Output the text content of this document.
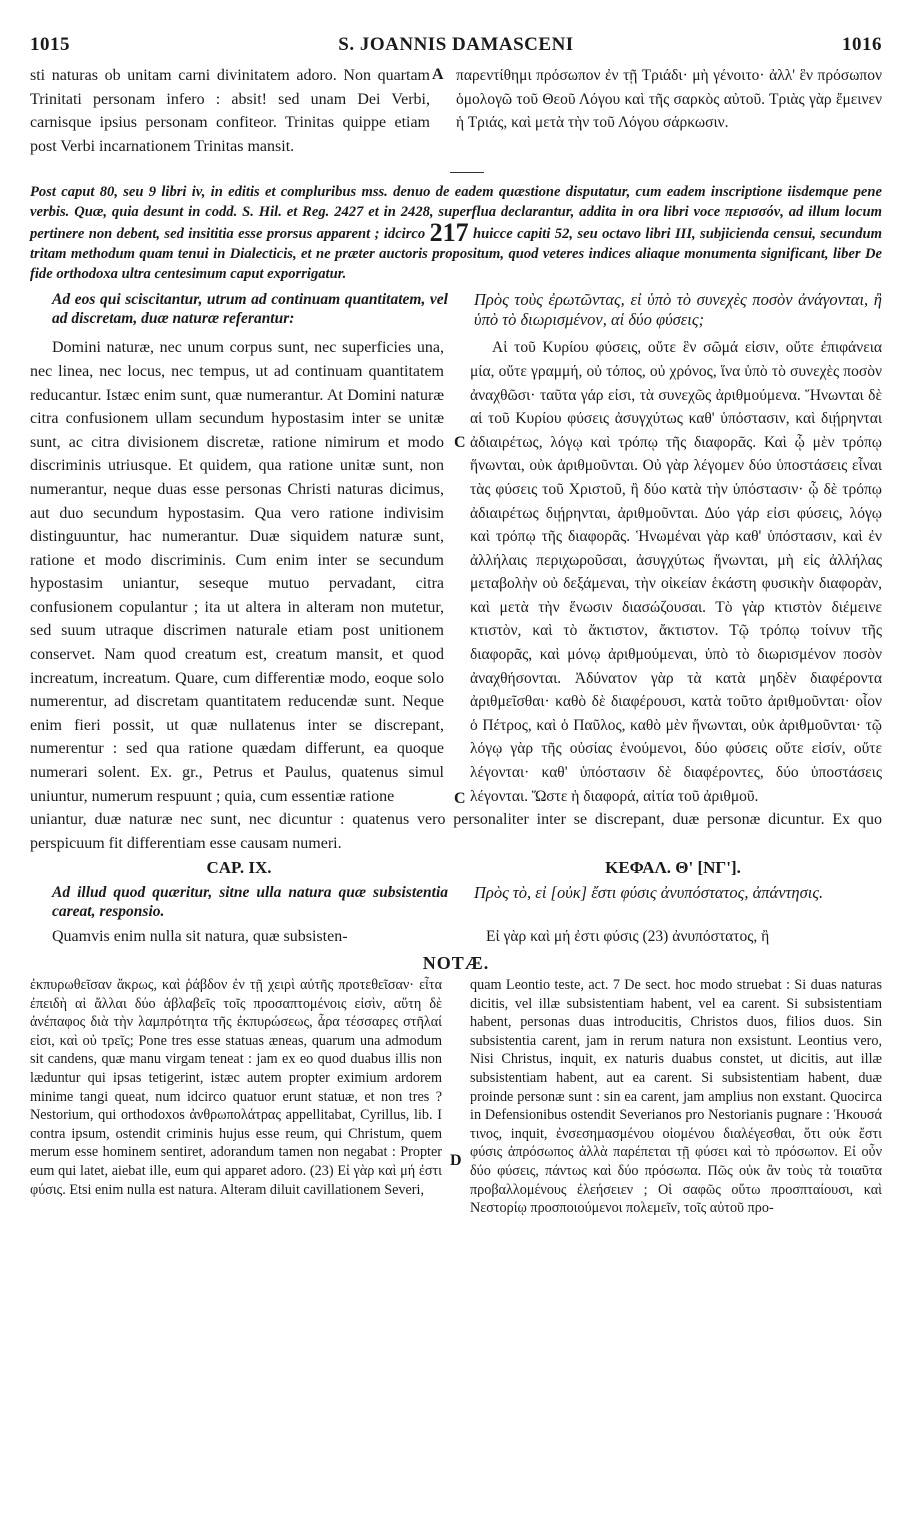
1015	S. JOANNIS DAMASCENI	1016
sti naturas ob unitam carni divinitatem adoro. Non quartam Trinitati personam infero : absit! sed unam Dei Verbi, carnisque ipsius personam confiteor. Trinitas quippe etiam post Verbi incarnationem Trinitas mansit.
παρεντίθημι πρόσωπον ἐν τῇ Τριάδι· μὴ γένοιτο· ἀλλ' ἓν πρόσωπον ὁμολογῶ τοῦ Θεοῦ Λόγου καὶ τῆς σαρκὸς αὐτοῦ. Τριὰς γὰρ ἔμεινεν ἡ Τριάς, καὶ μετὰ τὴν τοῦ Λόγου σάρκωσιν.
A
Post caput 80, seu 9 libri iv, in editis et compluribus mss. denuo de eadem quæstione disputatur, cum eadem inscriptione iisdemque pene verbis. Quæ, quia desunt in codd. S. Hil. et Reg. 2427 et in 2428, superflua declarantur, addita in ora libri voce περισσόν, ad illum locum pertinere non debent, sed insititia esse prorsus apparent ; idcirco 217 huicce capiti 52, seu octavo libri III, subjicienda censui, secundum tritam methodum quam tenui in Dialecticis, et ne præter auctoris propositum, quod veteres indices aliaque monumenta significant, liber De fide orthodoxa ultra centesimum caput exporrigatur.
Ad eos qui sciscitantur, utrum ad continuam quantitatem, vel ad discretam, duæ naturæ referantur:
Πρὸς τοὺς ἐρωτῶντας, εἰ ὑπὸ τὸ συνεχὲς ποσὸν ἀνάγονται, ἢ ὑπὸ τὸ διωρισμένον, αἱ δύο φύσεις;
Domini naturæ, nec unum corpus sunt, nec superficies una, nec linea, nec locus, nec tempus, ut ad continuam quantitatem reducantur. Istæc enim sunt, quæ numerantur. At Domini naturæ citra confusionem ullam secundum hypostasim inter se unitæ sunt, ac citra divisionem discretæ, ratione nimirum et modo discriminis utriusque. Et quidem, qua ratione unitæ sunt, non numerantur, neque duas esse personas Christi naturas dicimus, aut duo secundum hypostasim. Qua vero ratione indivisim distinguuntur, hac numerantur. Duæ siquidem naturæ sunt, ratione et modo discriminis. Cum enim inter se secundum hypostasim uniantur, seseque mutuo pervadant, citra confusionem copulantur ; ita ut altera in alteram non mutetur, sed suum utraque discrimen naturale etiam post unitionem conservet. Nam quod creatum est, creatum mansit, et quod increatum, increatum. Quare, cum differentiæ modo, eoque solo numerentur, ad discretam quantitatem reducendæ sunt. Neque enim fieri possit, ut quæ nullatenus inter se discrepant, numerentur : sed qua ratione quædam differunt, ea quoque numerari solent. Ex. gr., Petrus et Paulus, quatenus simul uniuntur, numerum respuunt ; quia, cum essentiæ ratione
Αἱ τοῦ Κυρίου φύσεις, οὔτε ἓν σῶμά εἰσιν, οὔτε ἐπιφάνεια μία, οὔτε γραμμή, οὐ τόπος, οὐ χρόνος, ἵνα ὑπὸ τὸ συνεχὲς ποσὸν ἀναχθῶσι· ταῦτα γάρ εἰσι, τὰ συνεχῶς ἀριθμούμενα. Ἥνωνται δὲ αἱ τοῦ Κυρίου φύσεις ἀσυγχύτως καθ' ὑπόστασιν, καὶ διῄρηνται ἀδιαιρέτως, λόγῳ καὶ τρόπῳ τῆς διαφορᾶς. Καὶ ᾧ μὲν τρόπῳ ἥνωνται, οὐκ ἀριθμοῦνται. Οὐ γὰρ λέγομεν δύο ὑποστάσεις εἶναι τὰς φύσεις τοῦ Χριστοῦ, ἢ δύο κατὰ τὴν ὑπόστασιν· ᾧ δὲ τρόπῳ ἀδιαιρέτως διῄρηνται, ἀριθμοῦνται. Δύο γάρ εἰσι φύσεις, λόγῳ καὶ τρόπῳ τῆς διαφορᾶς. Ἡνωμέναι γὰρ καθ' ὑπόστασιν, καὶ ἐν ἀλλήλαις περιχωροῦσαι, ἀσυγχύτως ἥνωνται, μὴ εἰς ἀλλήλας μεταβολὴν οὐ δεξάμεναι, τὴν οἰκείαν ἑκάστη φυσικὴν διαφορὰν, καὶ μετὰ τὴν ἕνωσιν διασώζουσαι. Τὸ γὰρ κτιστὸν διέμεινε κτιστὸν, καὶ τὸ ἄκτιστον, ἄκτιστον. Τῷ τρόπῳ τοίνυν τῆς διαφορᾶς, καὶ μόνῳ ἀριθμούμεναι, ὑπὸ τὸ διωρισμένον ποσὸν ἀναχθήσονται. Ἀδύνατον γὰρ τὰ κατὰ μηδὲν διαφέροντα ἀριθμεῖσθαι· καθὸ δὲ διαφέρουσι, κατὰ τοῦτο ἀριθμοῦνται· οἷον ὁ Πέτρος, καὶ ὁ Παῦλος, καθὸ μὲν ἥνωνται, οὐκ ἀριθμοῦνται· τῷ λόγῳ γὰρ τῆς οὐσίας ἑνούμενοι, δύο φύσεις οὔτε εἰσίν, οὔτε λέγονται· καθ' ὑπόστασιν δὲ διαφέροντες, δύο ὑποστάσεις λέγονται. Ὥστε ἡ διαφορά, αἰτία τοῦ ἀριθμοῦ.
C
C
uniantur, duæ naturæ nec sunt, nec dicuntur : quatenus vero personaliter inter se discrepant, duæ personæ dicuntur. Ex quo perspicuum fit differentiam esse causam numeri.
CAP. IX.	ΚΕΦΑΛ. Θ' [ΝΓ'].
Ad illud quod quæritur, sitne ulla natura quæ subsistentia careat, responsio.
Πρὸς τὸ, εἰ [οὐκ] ἔστι φύσις ἀνυπόστατος, ἀπάντησις.
Quamvis enim nulla sit natura, quæ subsisten-	Εἰ γὰρ καὶ μή ἐστι φύσις (23) ἀνυπόστατος, ἢ
NOTÆ.
ἐκπυρωθεῖσαν ἄκρως, καὶ ῥάβδον ἐν τῇ χειρὶ αὐτῆς προτεθεῖσαν· εἶτα ἐπειδὴ αἱ ἄλλαι δύο ἀβλαβεῖς τοῖς προσαπτομένοις εἰσὶν, αὕτη δὲ ἀνέπαφος διὰ τὴν λαμπρότητα τῆς ἐκπυρώσεως, ἆρα τέσσαρες στῆλαί εἰσι, καὶ οὐ τρεῖς; Pone tres esse statuas æneas, quarum una admodum sit candens, quæ manu virgam teneat : jam ex eo quod duabus illis non læduntur qui ipsas tetigerint, istæc autem propter eximium ardorem minime tangi queat, num idcirco quatuor erunt statuæ, et non tres ? Nestorium, qui orthodoxos ἀνθρωπολάτρας appellitabat, Cyrillus, lib. I contra ipsum, ostendit criminis hujus esse reum, qui Christum, quem merum esse hominem sentiret, adorandum tamen non negabat : Propter eum qui latet, aiebat ille, eum qui apparet adoro. (23) Εἰ γὰρ καὶ μή ἐστι φύσις. Etsi enim nulla est natura. Alteram diluit cavillationem Severi,
quam Leontio teste, act. 7 De sect. hoc modo struebat : Si duas naturas dicitis, vel illæ subsistentiam habent, vel ea carent. Si subsistentiam habent, personas duas introducitis, Christos duos, filios duos. Sin subsistentia carent, jam in rerum natura non exsistunt. Leontius vero, Nisi Christus, inquit, ex naturis duabus constet, ut dicitis, aut illæ subsistentiam habent, aut ea carent. Si subsistentiam habent, duæ proinde personæ sunt : sin ea carent, jam amplius non exstant. Quocirca in Defensionibus ostendit Severianos pro Nestorianis pugnare : Ἠκουσά τινος, inquit, ἐνσεσημασμένου οἰομένου διαλέγεσθαι, ὅτι οὐκ ἔστι φύσις ἀπρόσωπος ἀλλὰ παρέπεται τῇ φύσει καὶ τὸ πρόσωπον. Εἰ οὖν δύο φύσεις, πάντως καὶ δύο πρόσωπα. Πῶς οὐκ ἂν τοὺς τὰ τοιαῦτα προβαλλομένους ἐλεήσειεν ; Οἱ σαφῶς οὕτω προσπταίουσι, καὶ Νεστορίῳ προσποιούμενοι πολεμεῖν, τοῖς αὐτοῦ προ-
D
